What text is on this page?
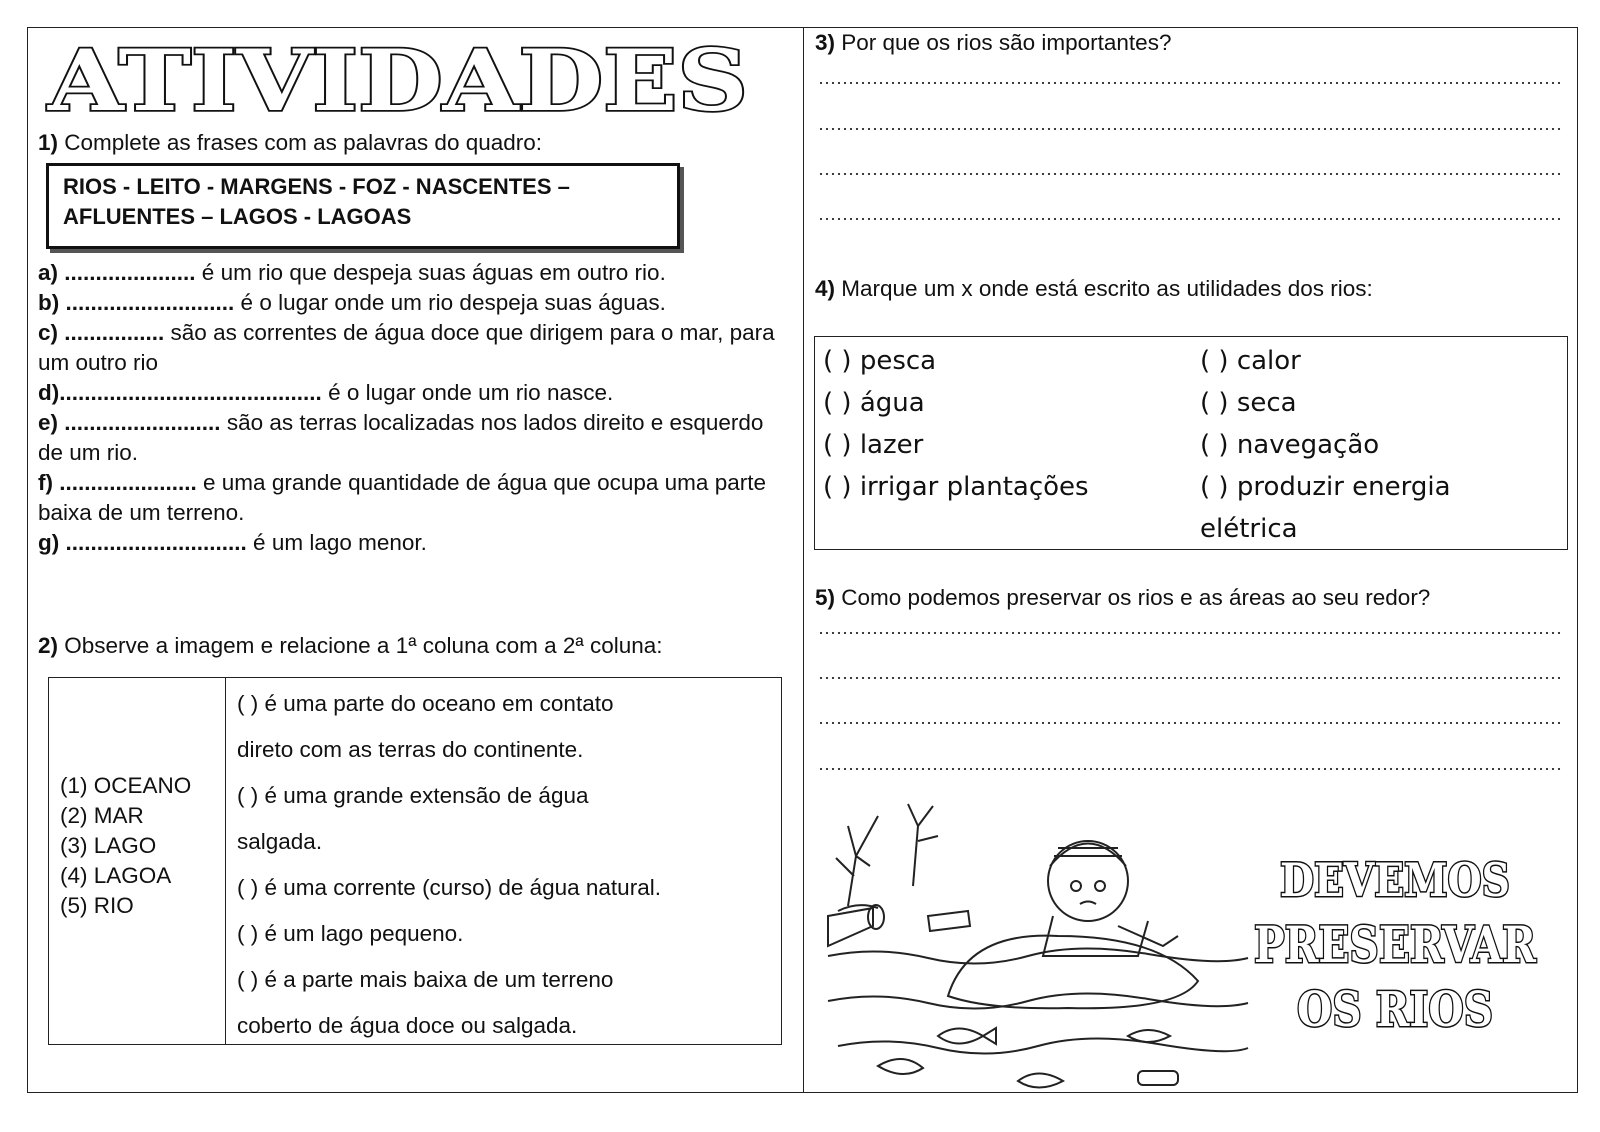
ATIVIDADES
1) Complete as frases com as palavras do quadro:
RIOS - LEITO - MARGENS - FOZ - NASCENTES –
AFLUENTES – LAGOS - LAGOAS
a) ..................... é um rio que despeja suas águas em outro rio.
b) ........................... é o lugar onde um rio despeja suas águas.
c) ................ são as correntes de água doce que dirigem para o mar, para um outro rio
d).......................................... é o lugar onde um rio nasce.
e) ......................... são as terras localizadas nos lados direito e esquerdo de um rio.
f) ...................... e uma grande quantidade de água que ocupa uma parte baixa de um terreno.
g) ............................. é um lago menor.
2) Observe a imagem e relacione a 1ª coluna com a 2ª coluna:
(1) OCEANO
(2) MAR
(3) LAGO
(4) LAGOA
(5) RIO
( ) é uma parte do oceano em contato
direto com as terras do continente.
( ) é uma grande extensão de água
salgada.
( ) é uma corrente (curso) de água natural.
( ) é um lago pequeno.
( ) é a parte mais baixa de um terreno
coberto de água doce ou salgada.
3) Por que os rios são importantes?
4) Marque um x onde está escrito as utilidades dos rios:
( ) pesca
( ) água
( ) lazer
( ) irrigar plantações
( ) calor
( ) seca
( ) navegação
( ) produzir energia
elétrica
5) Como podemos preservar os rios e as áreas ao seu redor?
DEVEMOS
PRESERVAR
OS RIOS
